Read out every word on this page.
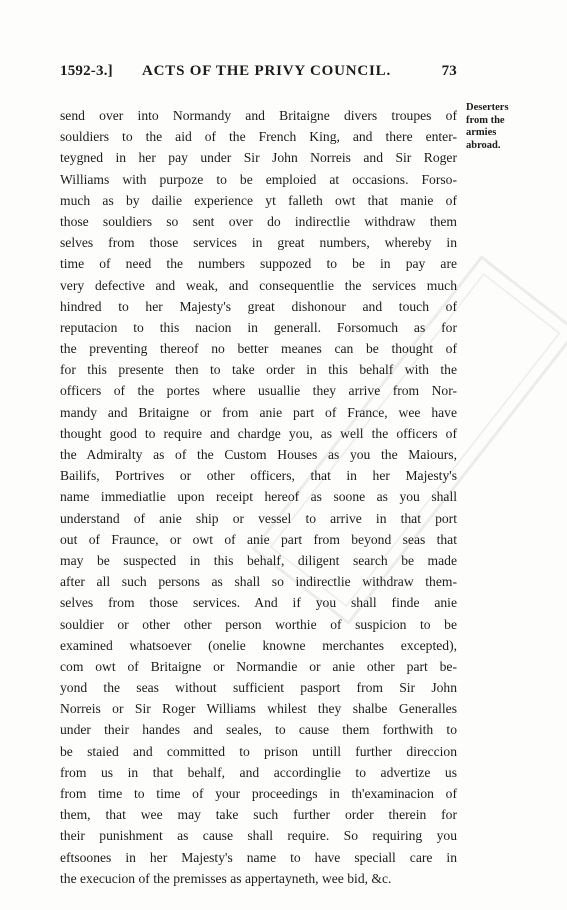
1592-3.] ACTS OF THE PRIVY COUNCIL.	73
send over into Normandy and Britaigne divers troupes of
souldiers to the aid of the French King, and there enter-
teygned in her pay under Sir John Norreis and Sir Roger
Williams with purpoze to be emploied at occasions. Forso-
much as by dailie experience yt falleth owt that manie of
those souldiers so sent over do indirectlie withdraw them
selves from those services in great numbers, whereby in
time of need the numbers suppozed to be in pay are
very defective and weak, and consequentlie the services much
hindred to her Majesty's great dishonour and touch of
reputacion to this nacion in generall. Forsomuch as for
the preventing thereof no better meanes can be thought of
for this presente then to take order in this behalf with the
officers of the portes where usuallie they arrive from Nor-
mandy and Britaigne or from anie part of France, wee have
thought good to require and chardge you, as well the officers of
the Admiralty as of the Custom Houses as you the Maiours,
Bailifs, Portrives or other officers, that in her Majesty's
name immediatlie upon receipt hereof as soone as you shall
understand of anie ship or vessel to arrive in that port
out of Fraunce, or owt of anie part from beyond seas that
may be suspected in this behalf, diligent search be made
after all such persons as shall so indirectlie withdraw them-
selves from those services. And if you shall finde anie
souldier or other other person worthie of suspicion to be
examined whatsoever (onelie knowne merchantes excepted),
com owt of Britaigne or Normandie or anie other part be-
yond the seas without sufficient pasport from Sir John
Norreis or Sir Roger Williams whilest they shalbe Generalles
under their handes and seales, to cause them forthwith to
be staied and committed to prison untill further direccion
from us in that behalf, and accordinglie to advertize us
from time to time of your proceedings in th'examinacion of
them, that wee may take such further order therein for
their punishment as cause shall require. So requiring you
eftsoones in her Majesty's name to have speciall care in
the execucion of the premisses as appertayneth, wee bid, &c.
Deserters
from the
armies
abroad.
